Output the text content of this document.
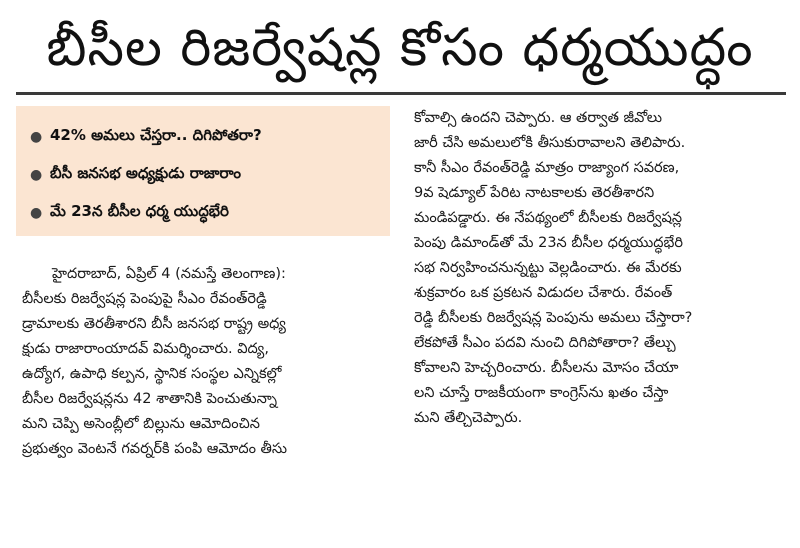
బీసీల రిజర్వేషన్ల కోసం ధర్మయుద్ధం
● 42% అమలు చేస్తరా.. దిగిపోతరా?
● బీసీ జనసభ అధ్యక్షుడు రాజారాం
● మే 23న బీసీల ధర్మ యుద్ధభేరి
హైదరాబాద్, ఏప్రిల్ 4 (నమస్తే తెలంగాణ):
బీసీలకు రిజర్వేషన్ల పెంపుపై సీఎం రేవంత్‌రెడ్డి
డ్రామాలకు తెరతీశారని బీసీ జనసభ రాష్ట్ర అధ్య
క్షుడు రాజారాంయాదవ్ విమర్శించారు. విద్య,
ఉద్యోగ, ఉపాధి కల్పన, స్థానిక సంస్థల ఎన్నికల్లో
బీసీల రిజర్వేషన్లను 42 శాతానికి పెంచుతున్నా
మని చెప్పి అసెంబ్లీలో బిల్లును ఆమోదించిన
ప్రభుత్వం వెంటనే గవర్నర్‌కి పంపి ఆమోదం తీసు
కోవాల్సి ఉందని చెప్పారు. ఆ తర్వాత జీవోలు
జారీ చేసి అమలులోకి తీసుకురావాలని తెలిపారు.
కానీ సీఎం రేవంత్‌రెడ్డి మాత్రం రాజ్యాంగ సవరణ,
9వ షెడ్యూల్ పేరిట నాటకాలకు తెరతీశారని
మండిపడ్డారు. ఈ నేపథ్యంలో బీసీలకు రిజర్వేషన్ల
పెంపు డిమాండ్‌తో మే 23న బీసీల ధర్మయుద్ధభేరి
సభ నిర్వహించనున్నట్టు వెల్లడించారు. ఈ మేరకు
శుక్రవారం ఒక ప్రకటన విడుదల చేశారు. రేవంత్
రెడ్డి బీసీలకు రిజర్వేషన్ల పెంపును అమలు చేస్తారా?
లేకపోతే సీఎం పదవి నుంచి దిగిపోతారా? తేల్చు
కోవాలని హెచ్చరించారు. బీసీలను మోసం చేయా
లని చూస్తే రాజకీయంగా కాంగ్రెస్‌ను ఖతం చేస్తా
మని తేల్చిచెప్పారు.
